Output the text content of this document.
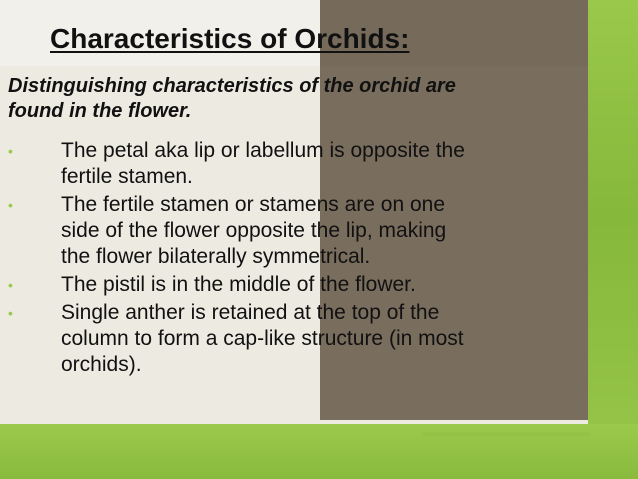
Characteristics of Orchids:
Distinguishing characteristics of the orchid are
found in the flower.
•	The petal aka lip or labellum is opposite the
fertile stamen.
•	The fertile stamen or stamens are on one
side of the flower opposite the lip, making
the flower bilaterally symmetrical.
•	The pistil is in the middle of the flower.
•	Single anther is retained at the top of the
column to form a cap-like structure (in most
orchids).
